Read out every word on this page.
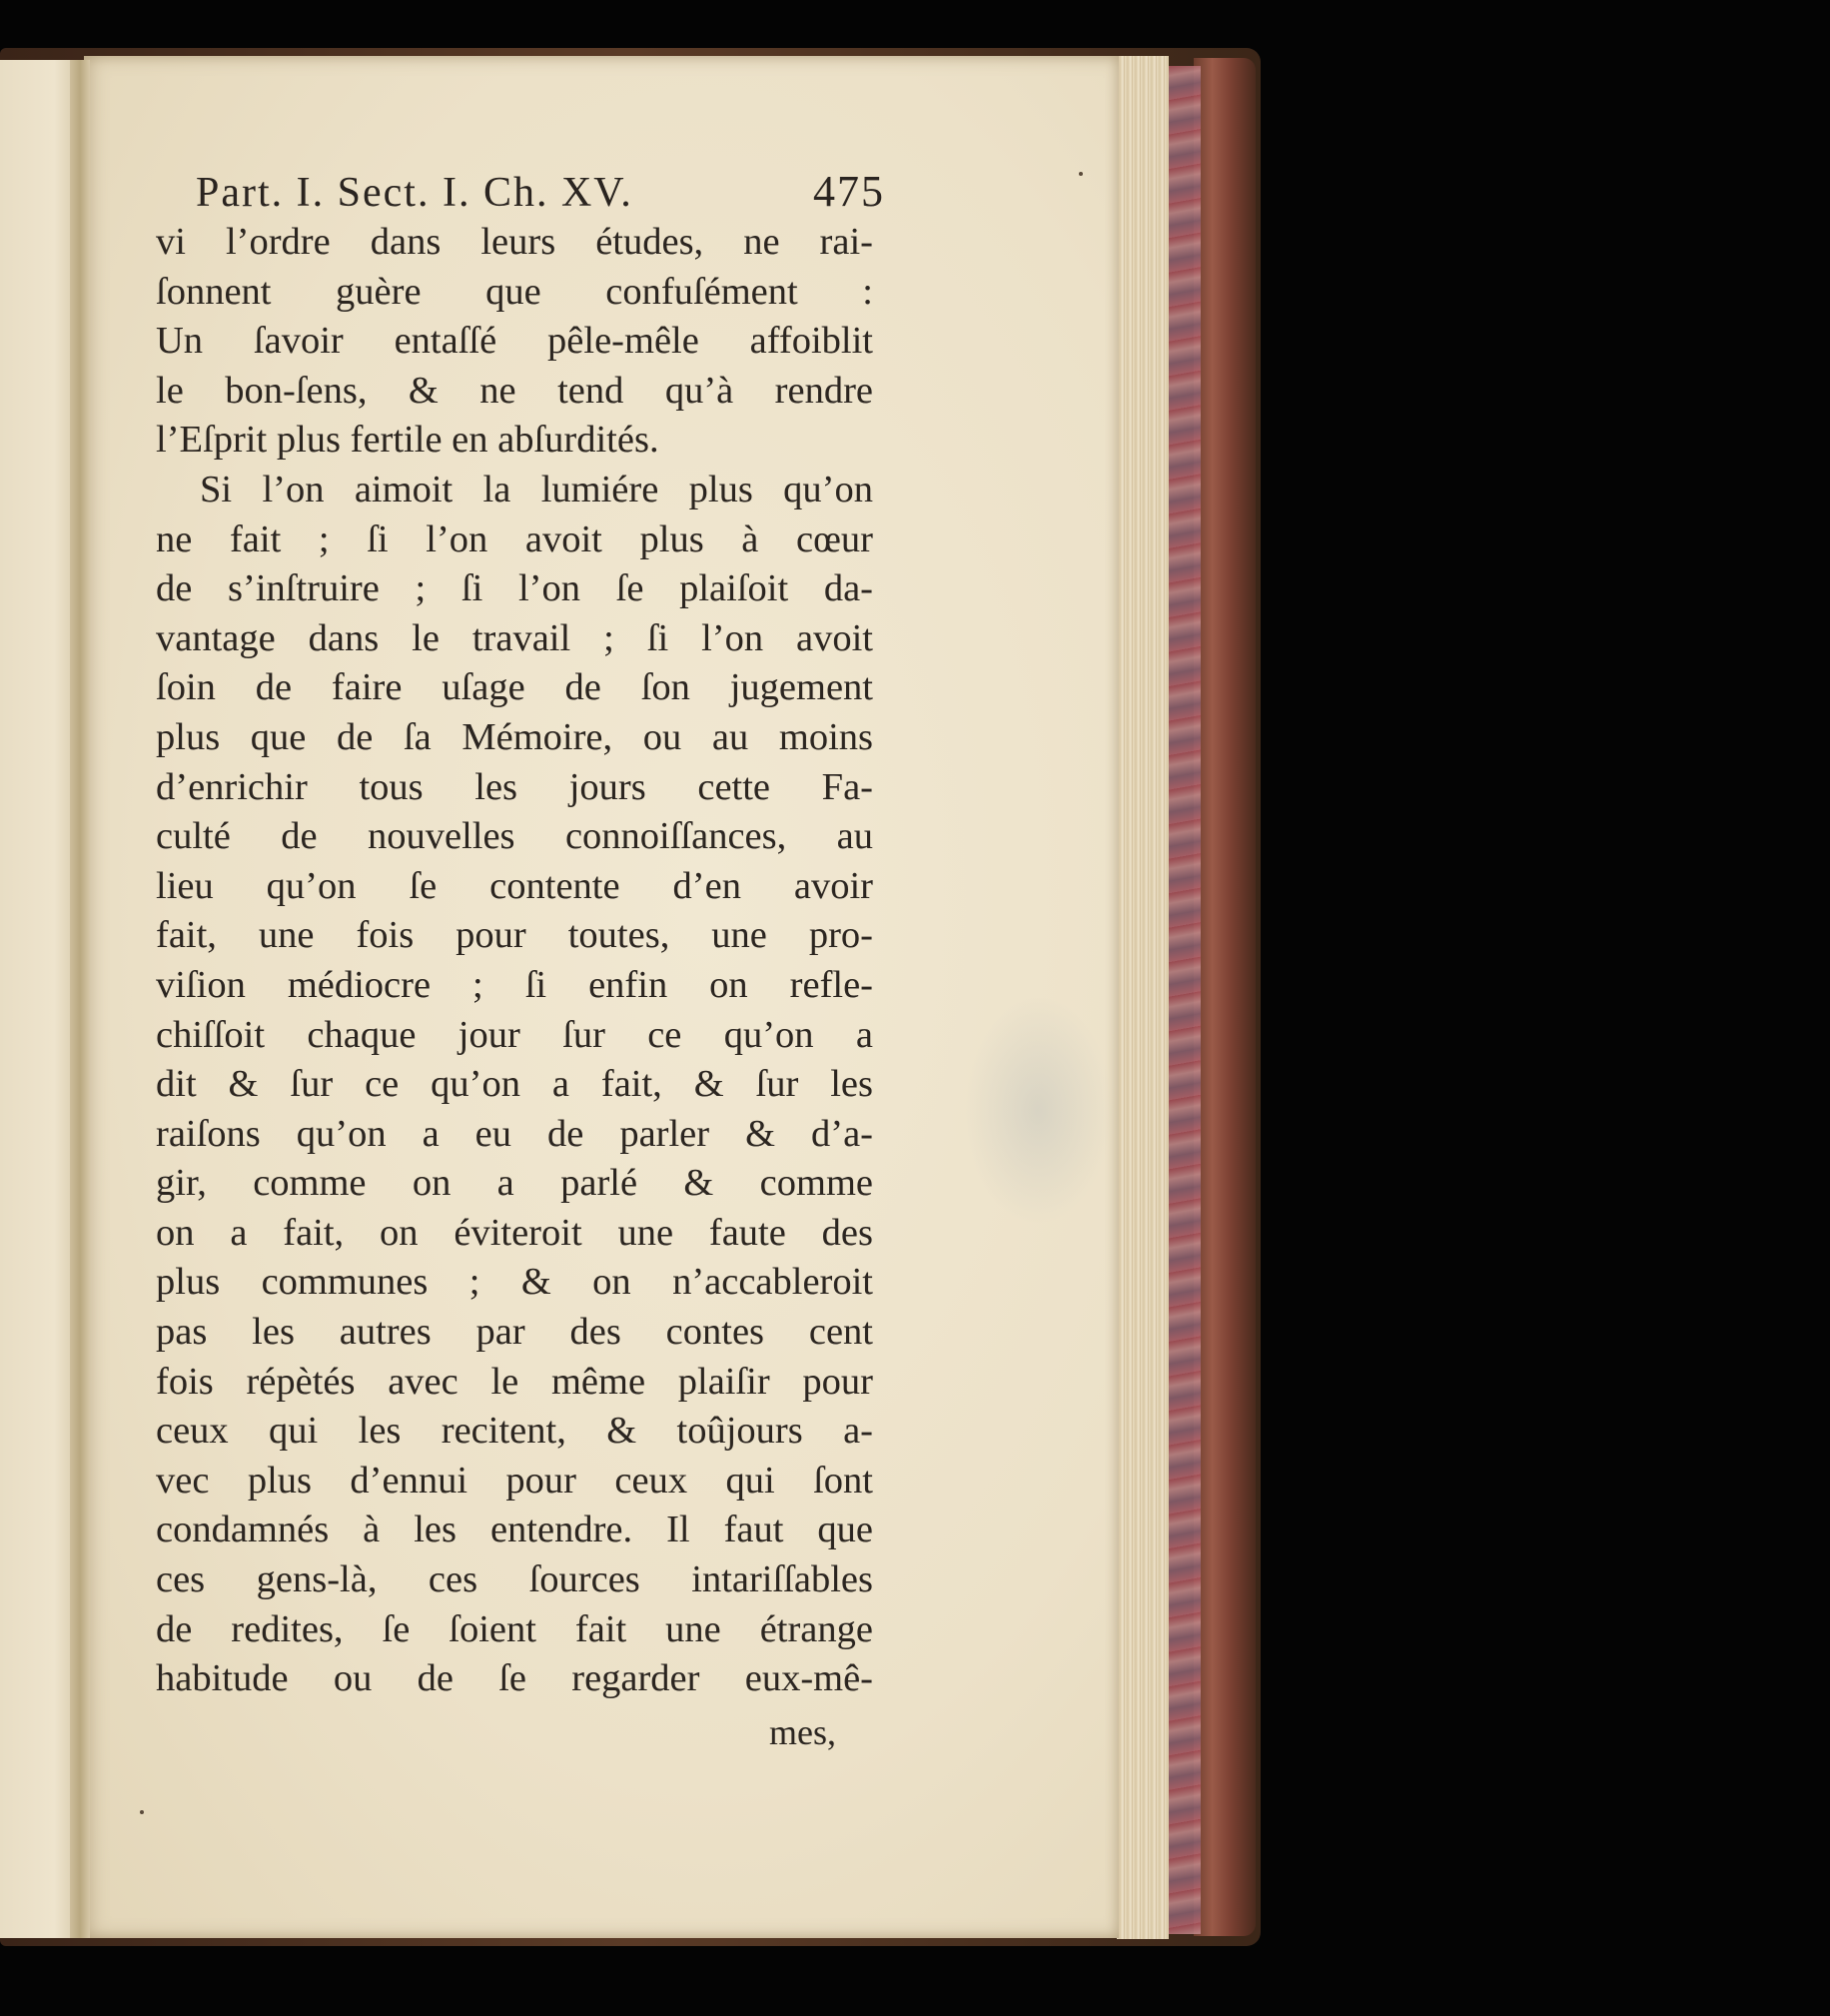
Part. I. Sect. I. Ch. XV.	475
vi l’ordre dans leurs études, ne rai-
ſonnent guère que confuſément :
Un ſavoir entaſſé pêle-mêle affoiblit
le bon-ſens, & ne tend qu’à rendre
l’Eſprit plus fertile en abſurdités.
Si l’on aimoit la lumiére plus qu’on
ne fait ; ſi l’on avoit plus à cœur
de s’inſtruire ; ſi l’on ſe plaiſoit da-
vantage dans le travail ; ſi l’on avoit
ſoin de faire uſage de ſon jugement
plus que de ſa Mémoire, ou au moins
d’enrichir tous les jours cette Fa-
culté de nouvelles connoiſſances, au
lieu qu’on ſe contente d’en avoir
fait, une fois pour toutes, une pro-
viſion médiocre ; ſi enfin on refle-
chiſſoit chaque jour ſur ce qu’on a
dit & ſur ce qu’on a fait, & ſur les
raiſons qu’on a eu de parler & d’a-
gir, comme on a parlé & comme
on a fait, on éviteroit une faute des
plus communes ; & on n’accableroit
pas les autres par des contes cent
fois répètés avec le même plaiſir pour
ceux qui les recitent, & toûjours a-
vec plus d’ennui pour ceux qui ſont
condamnés à les entendre. Il faut que
ces gens-là, ces ſources intariſſables
de redites, ſe ſoient fait une étrange
habitude ou de ſe regarder eux-mê-
mes,
